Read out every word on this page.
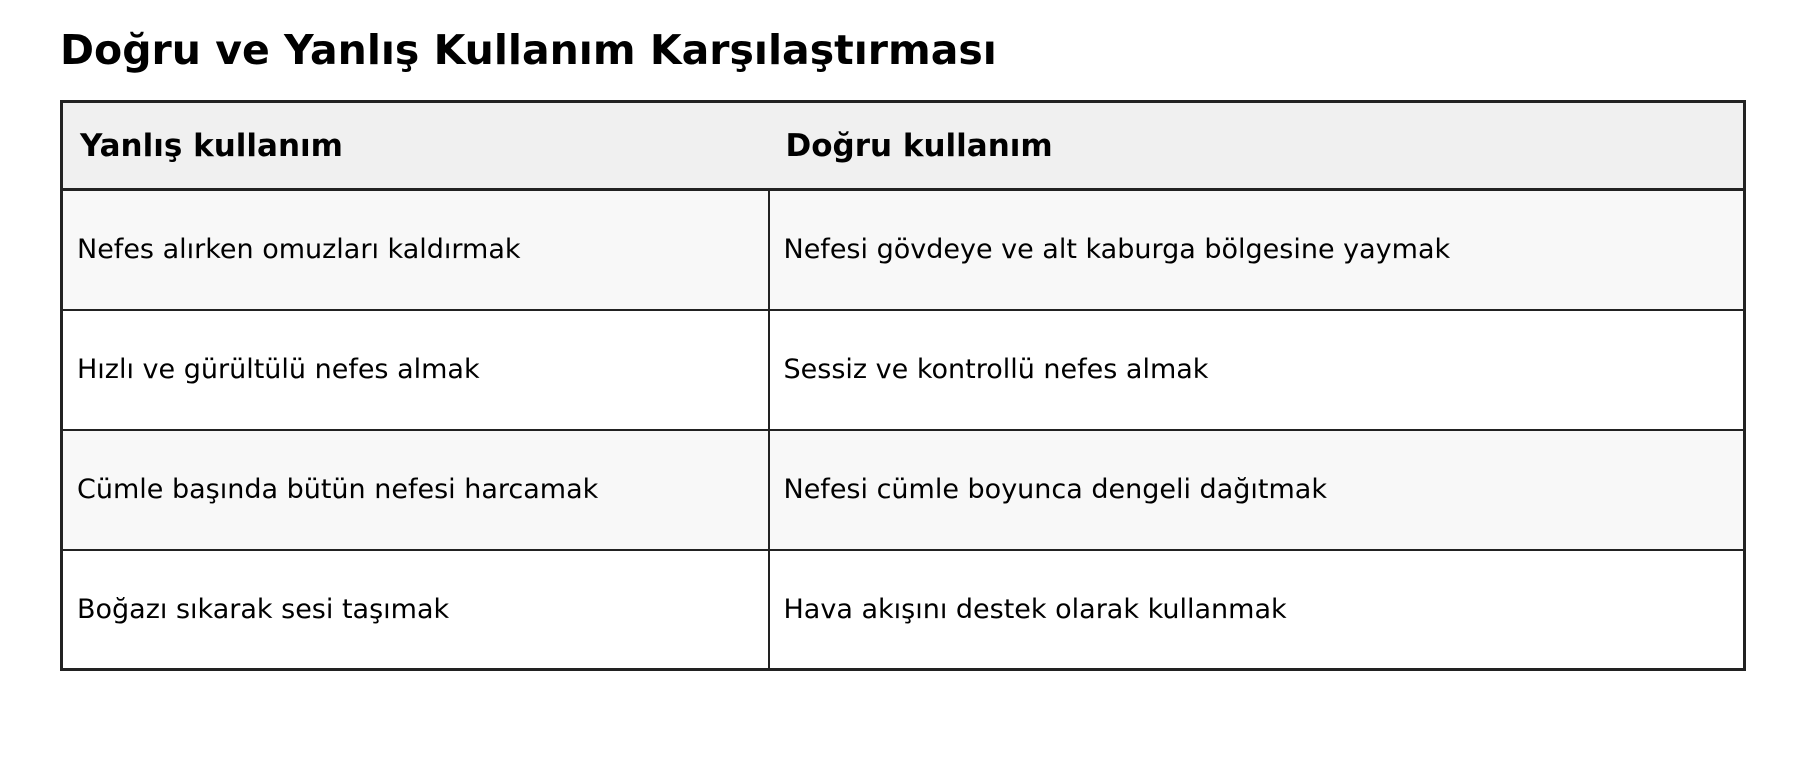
Doğru ve Yanlış Kullanım Karşılaştırması
Yanlış kullanım	Doğru kullanım
Nefes alırken omuzları kaldırmak	Nefesi gövdeye ve alt kaburga bölgesine yaymak
Hızlı ve gürültülü nefes almak	Sessiz ve kontrollü nefes almak
Cümle başında bütün nefesi harcamak	Nefesi cümle boyunca dengeli dağıtmak
Boğazı sıkarak sesi taşımak	Hava akışını destek olarak kullanmak
